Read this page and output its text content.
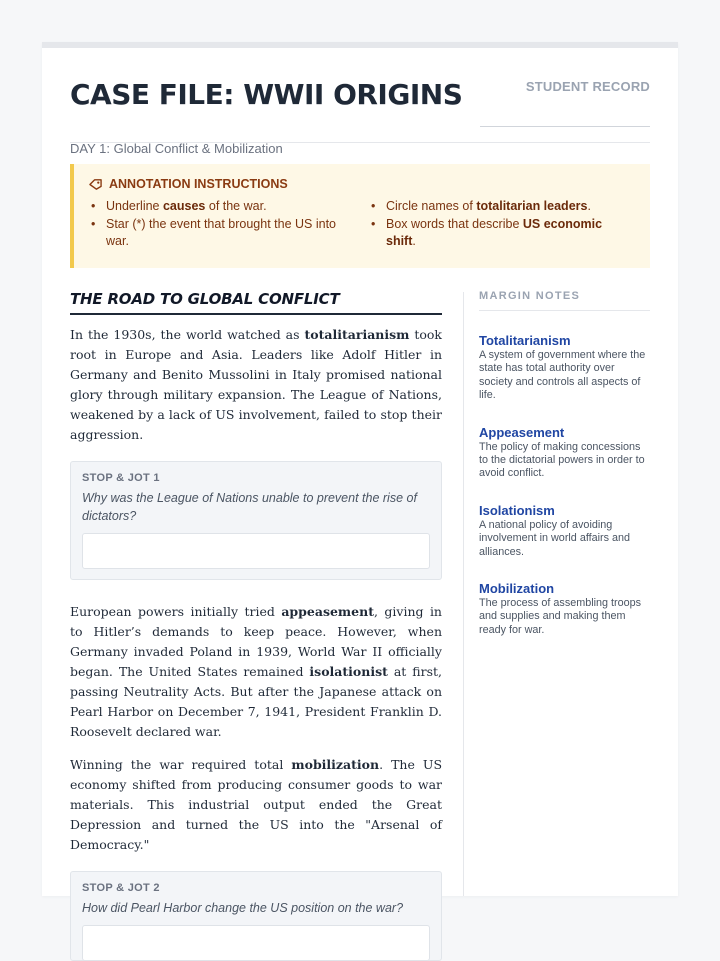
CASE FILE: WWII ORIGINS
DAY 1: Global Conflict & Mobilization
STUDENT RECORD
ANNOTATION INSTRUCTIONS
• Underline causes of the war.
• Star (*) the event that brought the US into war.
• Circle names of totalitarian leaders.
• Box words that describe US economic shift.
THE ROAD TO GLOBAL CONFLICT

In the 1930s, the world watched as totalitarianism took root in Europe and Asia. Leaders like Adolf Hitler in Germany and Benito Mussolini in Italy promised national glory through military expansion. The League of Nations, weakened by a lack of US involvement, failed to stop their aggression.

STOP & JOT 1
Why was the League of Nations unable to prevent the rise of dictators?

European powers initially tried appeasement, giving in to Hitler’s demands to keep peace. However, when Germany invaded Poland in 1939, World War II officially began. The United States remained isolationist at first, passing Neutrality Acts. But after the Japanese attack on Pearl Harbor on December 7, 1941, President Franklin D. Roosevelt declared war.

Winning the war required total mobilization. The US economy shifted from producing consumer goods to war materials. This industrial output ended the Great Depression and turned the US into the "Arsenal of Democracy."

STOP & JOT 2
How did Pearl Harbor change the US position on the war?
MARGIN NOTES
Totalitarianism
A system of government where the state has total authority over society and controls all aspects of life.
Appeasement
The policy of making concessions to the dictatorial powers in order to avoid conflict.
Isolationism
A national policy of avoiding involvement in world affairs and alliances.
Mobilization
The process of assembling troops and supplies and making them ready for war.
